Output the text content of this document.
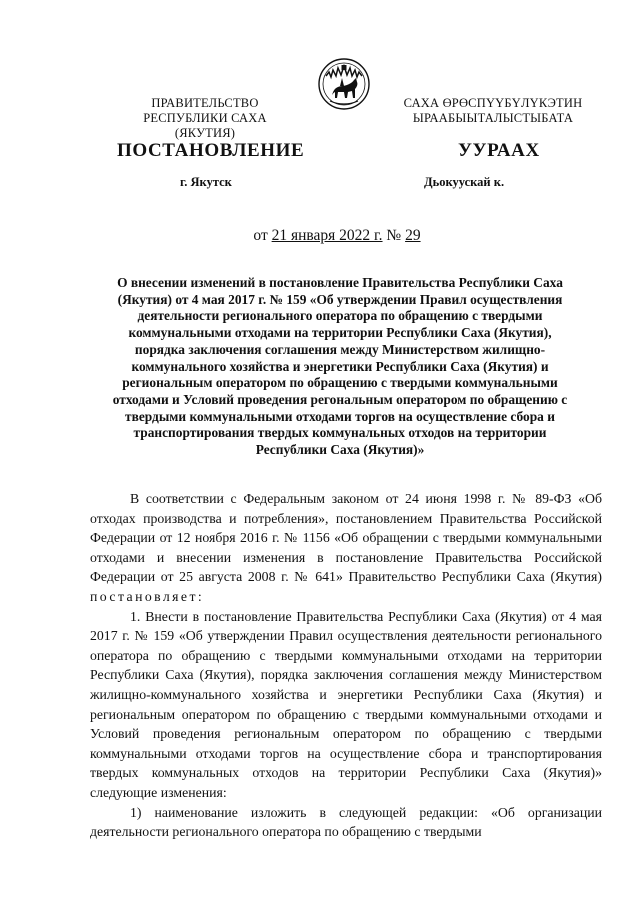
ПРАВИТЕЛЬСТВО
РЕСПУБЛИКИ САХА (ЯКУТИЯ)
САХА ӨРӨСПҮҮБҮЛҮКЭТИН
ЫРААБЫЫТАЛЫСТЫБАТА
ПОСТАНОВЛЕНИЕ	УУРААХ
г. Якутск	Дьокуускай к.
от 21 января 2022 г. № 29
О внесении изменений в постановление Правительства Республики Саха (Якутия) от 4 мая 2017 г. № 159 «Об утверждении Правил осуществления деятельности регионального оператора по обращению с твердыми коммунальными отходами на территории Республики Саха (Якутия), порядка заключения соглашения между Министерством жилищно-коммунального хозяйства и энергетики Республики Саха (Якутия) и региональным оператором по обращению с твердыми коммунальными отходами и Условий проведения регональным оператором по обращению с твердыми коммунальными отходами торгов на осуществление сбора и транспортирования твердых коммунальных отходов на территории Республики Саха (Якутия)»

В соответствии с Федеральным законом от 24 июня 1998 г. № 89-ФЗ «Об отходах производства и потребления», постановлением Правительства Российской Федерации от 12 ноября 2016 г. № 1156 «Об обращении с твердыми коммунальными отходами и внесении изменения в постановление Правительства Российской Федерации от 25 августа 2008 г. № 641» Правительство Республики Саха (Якутия) постановляет:

1. Внести в постановление Правительства Республики Саха (Якутия) от 4 мая 2017 г. № 159 «Об утверждении Правил осуществления деятельности регионального оператора по обращению с твердыми коммунальными отходами на территории Республики Саха (Якутия), порядка заключения соглашения между Министерством жилищно-коммунального хозяйства и энергетики Республики Саха (Якутия) и региональным оператором по обращению с твердыми коммунальными отходами и Условий проведения региональным оператором по обращению с твердыми коммунальными отходами торгов на осуществление сбора и транспортирования твердых коммунальных отходов на территории Республики Саха (Якутия)» следующие изменения:

1) наименование изложить в следующей редакции: «Об организации деятельности регионального оператора по обращению с твердыми
